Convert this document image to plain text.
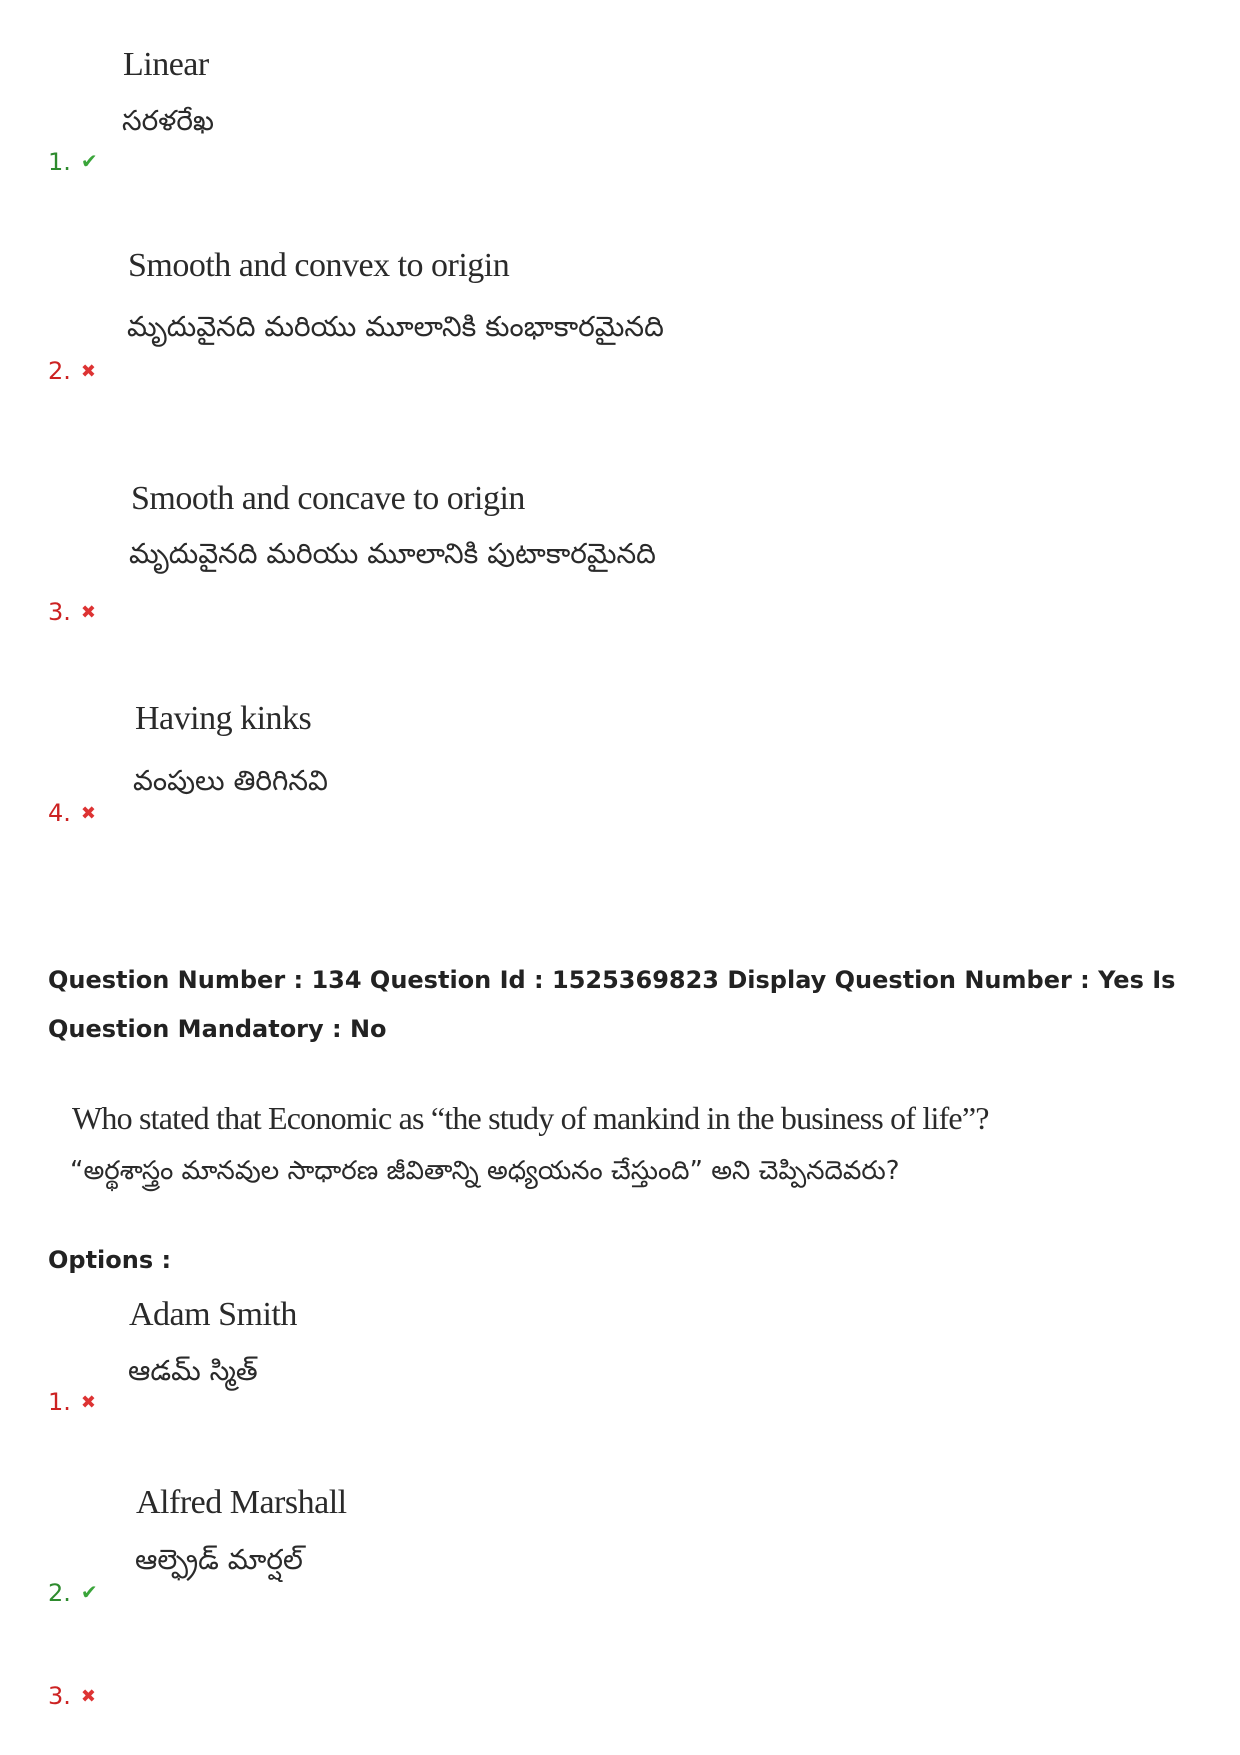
Linear
సరళరేఖ
1. ✔
Smooth and convex to origin
మృదువైనది మరియు మూలానికి కుంభాకారమైనది
2. ✖
Smooth and concave to origin
మృదువైనది మరియు మూలానికి పుటాకారమైనది
3. ✖
Having kinks
వంపులు తిరిగినవి
4. ✖
Question Number : 134 Question Id : 1525369823 Display Question Number : Yes Is Question Mandatory : No
Who stated that Economic as “the study of mankind in the business of life”?
“అర్థశాస్త్రం మానవుల సాధారణ జీవితాన్ని అధ్యయనం చేస్తుంది” అని చెప్పినదెవరు?
Options :
Adam Smith
ఆడమ్ స్మిత్
1. ✖
Alfred Marshall
ఆల్ఫ్రెడ్ మార్షల్
2. ✔
3. ✖
